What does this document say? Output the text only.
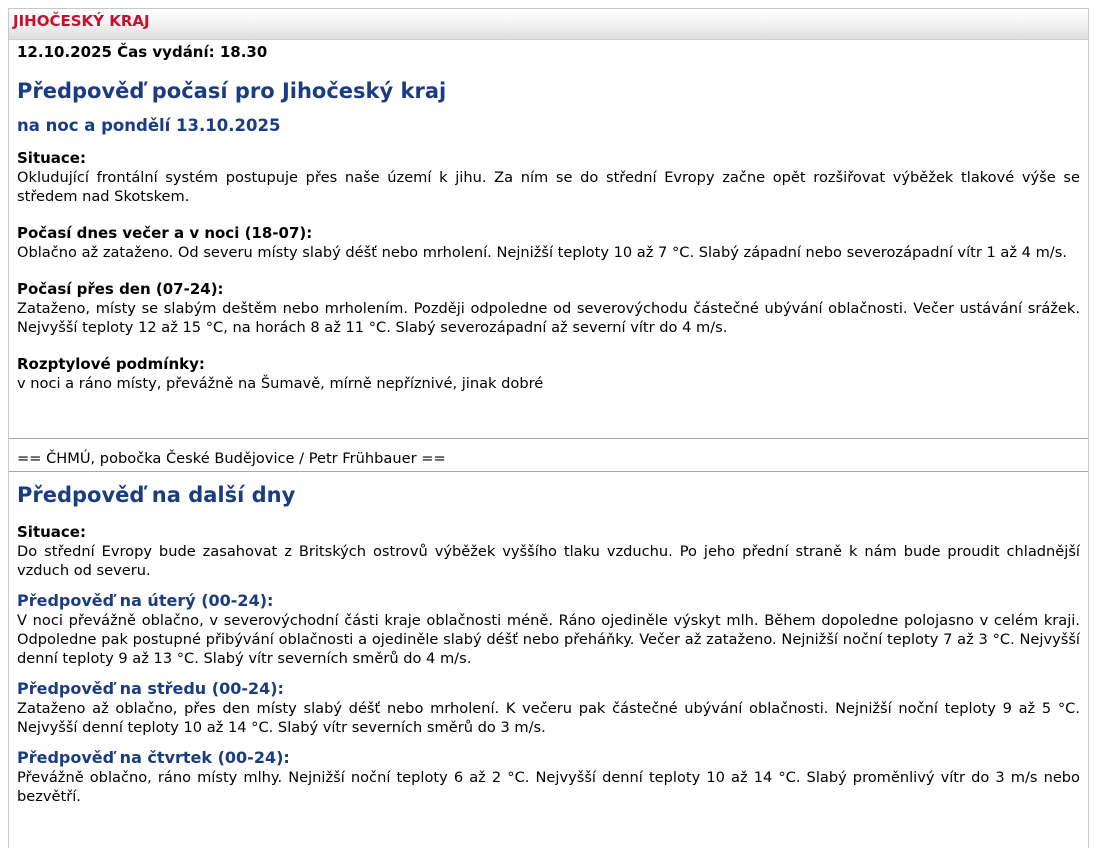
JIHOČESKÝ KRAJ
12.10.2025 Čas vydání: 18.30
Předpověď počasí pro Jihočeský kraj
na noc a pondělí 13.10.2025
Situace:
Okludující frontální systém postupuje přes naše území k jihu. Za ním se do střední Evropy začne opět rozšiřovat výběžek tlakové výše se středem nad Skotskem.
Počasí dnes večer a v noci (18-07):
Oblačno až zataženo. Od severu místy slabý déšť nebo mrholení. Nejnižší teploty 10 až 7 °C. Slabý západní nebo severozápadní vítr 1 až 4 m/s.
Počasí přes den (07-24):
Zataženo, místy se slabým deštěm nebo mrholením. Později odpoledne od severovýchodu částečné ubývání oblačnosti. Večer ustávání srážek. Nejvyšší teploty 12 až 15 °C, na horách 8 až 11 °C. Slabý severozápadní až severní vítr do 4 m/s.
Rozptylové podmínky:
v noci a ráno místy, převážně na Šumavě, mírně nepříznivé, jinak dobré
== ČHMÚ, pobočka České Budějovice / Petr Frühbauer ==
Předpověď na další dny
Situace:
Do střední Evropy bude zasahovat z Britských ostrovů výběžek vyššího tlaku vzduchu. Po jeho přední straně k nám bude proudit chladnější vzduch od severu.
Předpověď na úterý (00-24):
V noci převážně oblačno, v severovýchodní části kraje oblačnosti méně. Ráno ojediněle výskyt mlh. Během dopoledne polojasno v celém kraji. Odpoledne pak postupné přibývání oblačnosti a ojediněle slabý déšť nebo přeháňky. Večer až zataženo. Nejnižší noční teploty 7 až 3 °C. Nejvyšší denní teploty 9 až 13 °C. Slabý vítr severních směrů do 4 m/s.
Předpověď na středu (00-24):
Zataženo až oblačno, přes den místy slabý déšť nebo mrholení. K večeru pak částečné ubývání oblačnosti. Nejnižší noční teploty 9 až 5 °C. Nejvyšší denní teploty 10 až 14 °C. Slabý vítr severních směrů do 3 m/s.
Předpověď na čtvrtek (00-24):
Převážně oblačno, ráno místy mlhy. Nejnižší noční teploty 6 až 2 °C. Nejvyšší denní teploty 10 až 14 °C. Slabý proměnlivý vítr do 3 m/s nebo bezvětří.
